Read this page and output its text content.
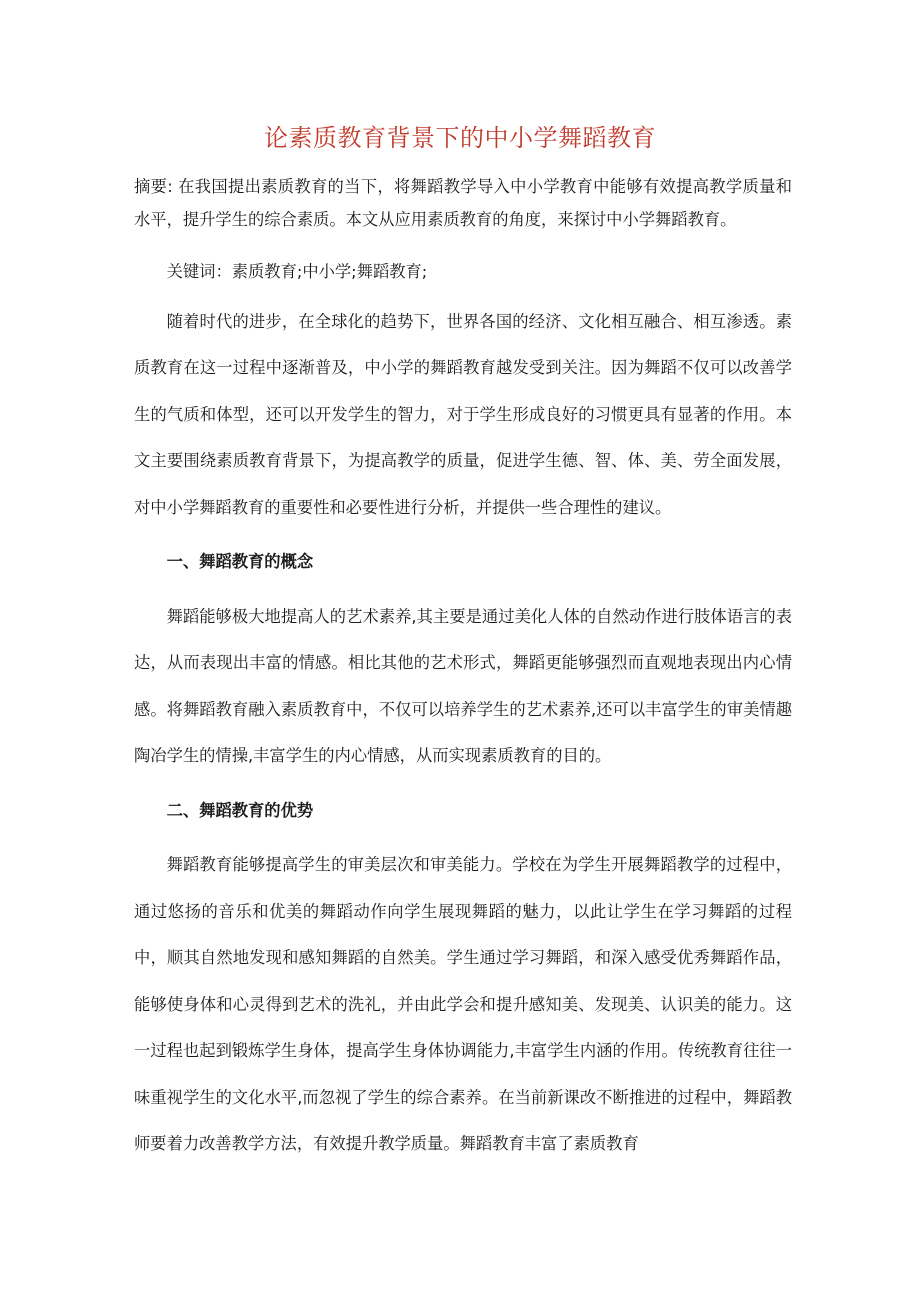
论素质教育背景下的中小学舞蹈教育

摘要: 在我国提出素质教育的当下，将舞蹈教学导入中小学教育中能够有效提高教学质量和水平，提升学生的综合素质。本文从应用素质教育的角度，来探讨中小学舞蹈教育。

关键词：素质教育;中小学;舞蹈教育;

随着时代的进步，在全球化的趋势下，世界各国的经济、文化相互融合、相互渗透。素质教育在这一过程中逐渐普及，中小学的舞蹈教育越发受到关注。因为舞蹈不仅可以改善学生的气质和体型，还可以开发学生的智力，对于学生形成良好的习惯更具有显著的作用。本文主要围绕素质教育背景下，为提高教学的质量，促进学生德、智、体、美、劳全面发展，对中小学舞蹈教育的重要性和必要性进行分析，并提供一些合理性的建议。

一、舞蹈教育的概念

舞蹈能够极大地提高人的艺术素养,其主要是通过美化人体的自然动作进行肢体语言的表达，从而表现出丰富的情感。相比其他的艺术形式，舞蹈更能够强烈而直观地表现出内心情感。将舞蹈教育融入素质教育中，不仅可以培养学生的艺术素养,还可以丰富学生的审美情趣陶冶学生的情操,丰富学生的内心情感，从而实现素质教育的目的。

二、舞蹈教育的优势

舞蹈教育能够提高学生的审美层次和审美能力。学校在为学生开展舞蹈教学的过程中，通过悠扬的音乐和优美的舞蹈动作向学生展现舞蹈的魅力，以此让学生在学习舞蹈的过程中，顺其自然地发现和感知舞蹈的自然美。学生通过学习舞蹈，和深入感受优秀舞蹈作品，能够使身体和心灵得到艺术的洗礼，并由此学会和提升感知美、发现美、认识美的能力。这一过程也起到锻炼学生身体，提高学生身体协调能力,丰富学生内涵的作用。传统教育往往一味重视学生的文化水平,而忽视了学生的综合素养。在当前新课改不断推进的过程中，舞蹈教师要着力改善教学方法，有效提升教学质量。舞蹈教育丰富了素质教育
